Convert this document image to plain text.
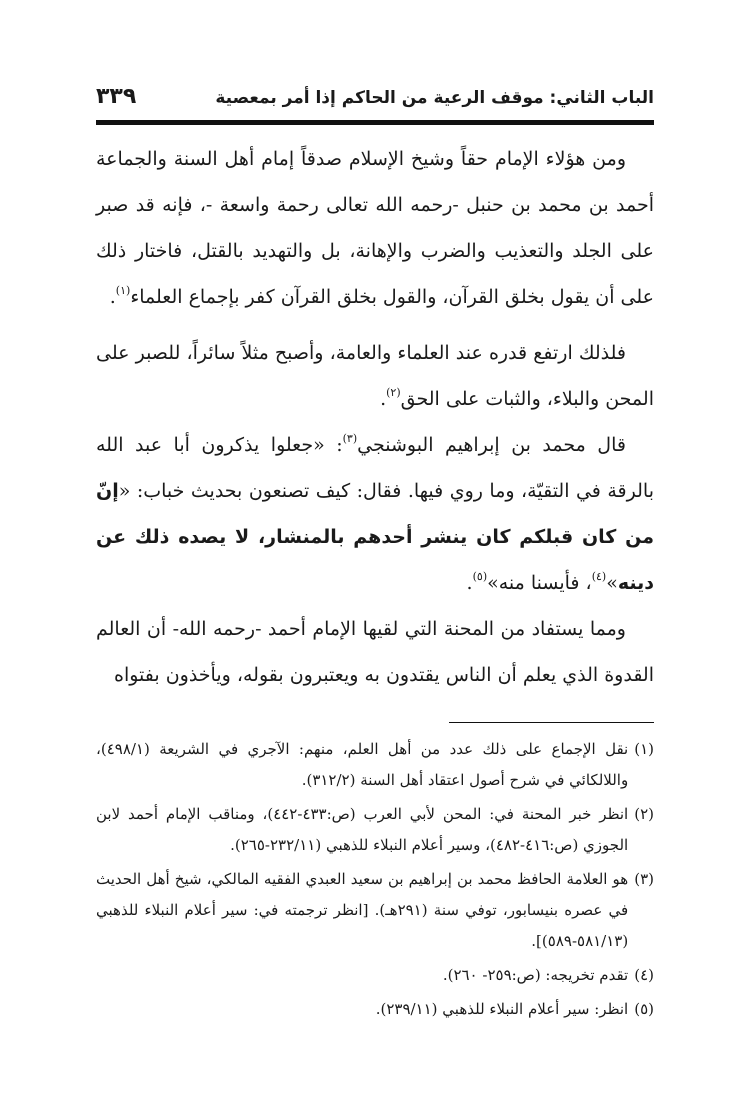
الباب الثاني: موقف الرعية من الحاكم إذا أمر بمعصية
٣٣٩

ومن هؤلاء الإمام حقاً وشيخ الإسلام صدقاً إمام أهل السنة والجماعة أحمد بن محمد بن حنبل -رحمه الله تعالى رحمة واسعة -، فإنه قد صبر على الجلد والتعذيب والضرب والإهانة، بل والتهديد بالقتل، فاختار ذلك على أن يقول بخلق القرآن، والقول بخلق القرآن كفر بإجماع العلماء$^{(١)}$.

فلذلك ارتفع قدره عند العلماء والعامة، وأصبح مثلاً سائراً، للصبر على المحن والبلاء، والثبات على الحق$^{(٢)}$.

قال محمد بن إبراهيم البوشنجي$^{(٣)}$: «جعلوا يذكرون أبا عبد الله بالرقة في التقيّة، وما روي فيها. فقال: كيف تصنعون بحديث خباب: «إنّ من كان قبلكم كان ينشر أحدهم بالمنشار، لا يصده ذلك عن دينه»$^{(٤)}$، فأيسنا منه»$^{(٥)}$.

ومما يستفاد من المحنة التي لقيها الإمام أحمد -رحمه الله- أن العالم القدوة الذي يعلم أن الناس يقتدون به ويعتبرون بقوله، ويأخذون بفتواه

(١)
نقل الإجماع على ذلك عدد من أهل العلم، منهم: الآجري في الشريعة (٤٩٨/١)، واللالكائي في شرح أصول اعتقاد أهل السنة (٣١٢/٢).
(٢)
انظر خبر المحنة في: المحن لأبي العرب (ص:٤٣٣-٤٤٢)، ومناقب الإمام أحمد لابن الجوزي (ص:٤١٦-٤٨٢)، وسير أعلام النبلاء للذهبي (٢٣٢/١١-٢٦٥).
(٣)
هو العلامة الحافظ محمد بن إبراهيم بن سعيد العبدي الفقيه المالكي، شيخ أهل الحديث في عصره بنيسابور، توفي سنة (٢٩١هـ). [انظر ترجمته في: سير أعلام النبلاء للذهبي (٥٨١/١٣-٥٨٩)].
(٤)
تقدم تخريجه: (ص:٢٥٩- ٢٦٠).
(٥)
انظر: سير أعلام النبلاء للذهبي (٢٣٩/١١).
